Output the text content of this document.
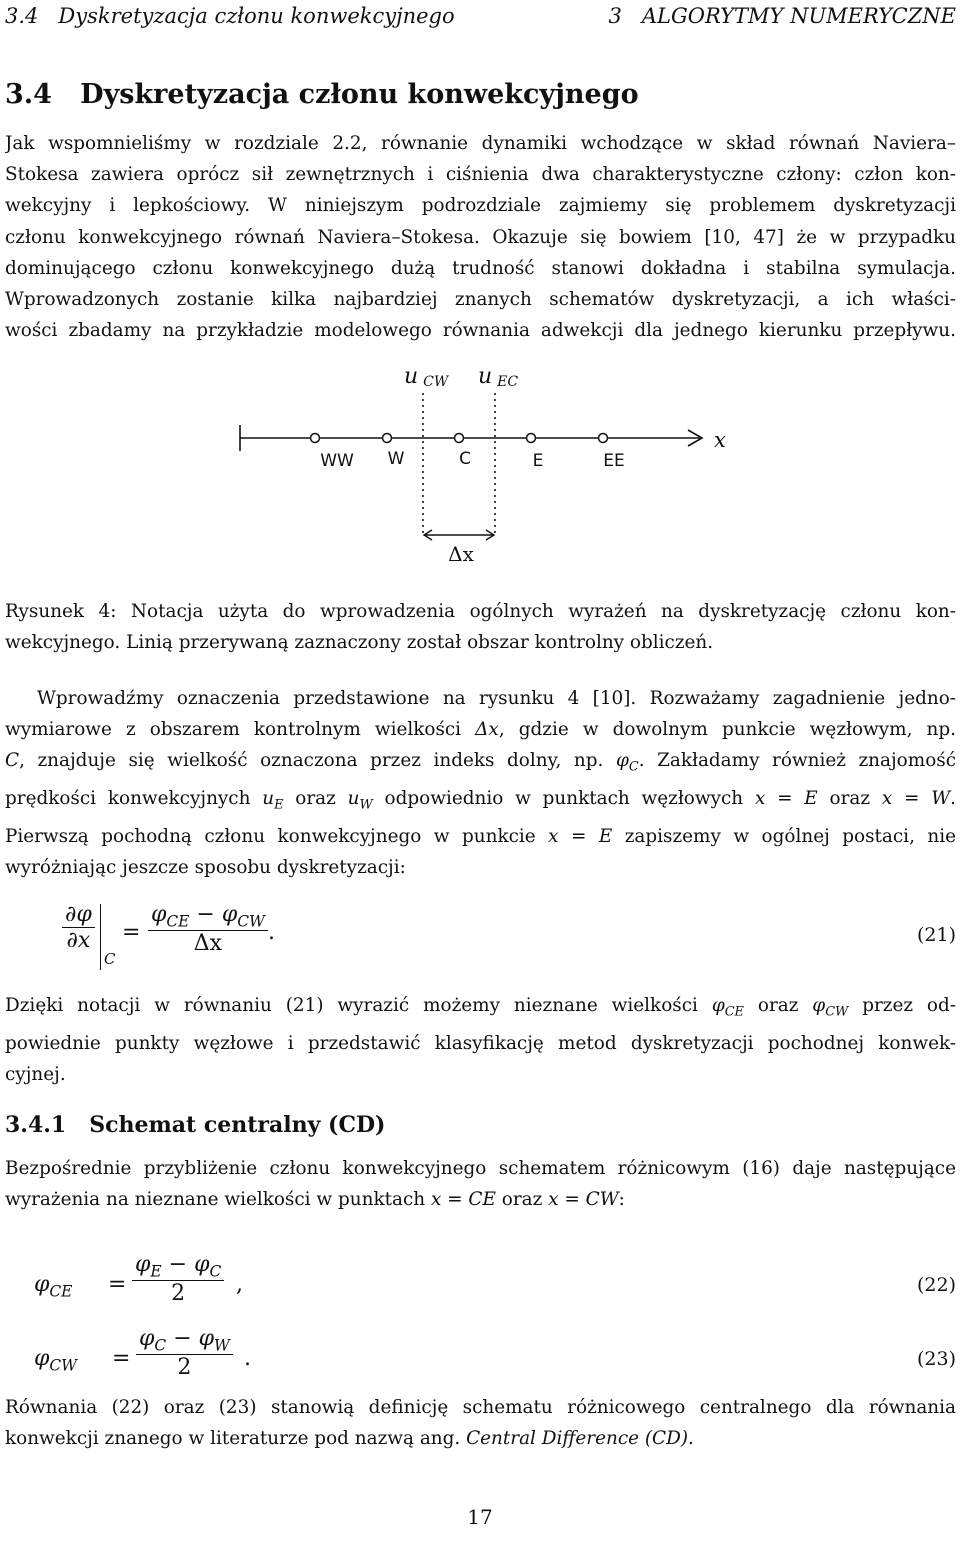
3.4   Dyskretyzacja członu konwekcyjnego	3   ALGORYTMY NUMERYCZNE
3.4   Dyskretyzacja członu konwekcyjnego
Jak wspomnieliśmy w rozdziale 2.2, równanie dynamiki wchodzące w skład równań Naviera–
Stokesa zawiera oprócz sił zewnętrznych i ciśnienia dwa charakterystyczne człony: człon kon-
wekcyjny i lepkościowy. W niniejszym podrozdziale zajmiemy się problemem dyskretyzacji
członu konwekcyjnego równań Naviera–Stokesa. Okazuje się bowiem [10, 47] że w przypadku
dominującego członu konwekcyjnego dużą trudność stanowi dokładna i stabilna symulacja.
Wprowadzonych zostanie kilka najbardziej znanych schematów dyskretyzacji, a ich właści-
wości zbadamy na przykładzie modelowego równania adwekcji dla jednego kierunku przepływu.
uCW uEC
x
WW W	C	E	EE
Δx
Rysunek 4: Notacja użyta do wprowadzenia ogólnych wyrażeń na dyskretyzację członu kon-
wekcyjnego. Linią przerywaną zaznaczony został obszar kontrolny obliczeń.
Wprowadźmy oznaczenia przedstawione na rysunku 4 [10]. Rozważamy zagadnienie jedno-
wymiarowe z obszarem kontrolnym wielkości Δx, gdzie w dowolnym punkcie węzłowym, np.
C, znajduje się wielkość oznaczona przez indeks dolny, np. $\varphi_C$. Zakładamy również znajomość
prędkości konwekcyjnych $u_E$ oraz $u_W$ odpowiednio w punktach węzłowych x = E oraz x = W.
Pierwszą pochodną członu konwekcyjnego w punkcie x = E zapiszemy w ogólnej postaci, nie
wyróżniając jeszcze sposobu dyskretyzacji:
$\frac{\partial\varphi}{\partial x}$
C
= $\frac{\varphi_{CE} - \varphi_{CW}}{\Delta x}$ .	(21)
Dzięki notacji w równaniu (21) wyrazić możemy nieznane wielkości $\varphi_{CE}$ oraz $\varphi_{CW}$ przez od-
powiednie punkty węzłowe i przedstawić klasyfikację metod dyskretyzacji pochodnej konwek-
cyjnej.
3.4.1   Schemat centralny (CD)
Bezpośrednie przybliżenie członu konwekcyjnego schematem różnicowym (16) daje następujące
wyrażenia na nieznane wielkości w punktach x = CE oraz x = CW:
$\varphi_{CE} = \frac{\varphi_E - \varphi_C}{2}$ ,	(22)
$\varphi_{CW} = \frac{\varphi_C - \varphi_W}{2}$ .	(23)
Równania (22) oraz (23) stanowią definicję schematu różnicowego centralnego dla równania
konwekcji znanego w literaturze pod nazwą ang. Central Difference (CD).
17
